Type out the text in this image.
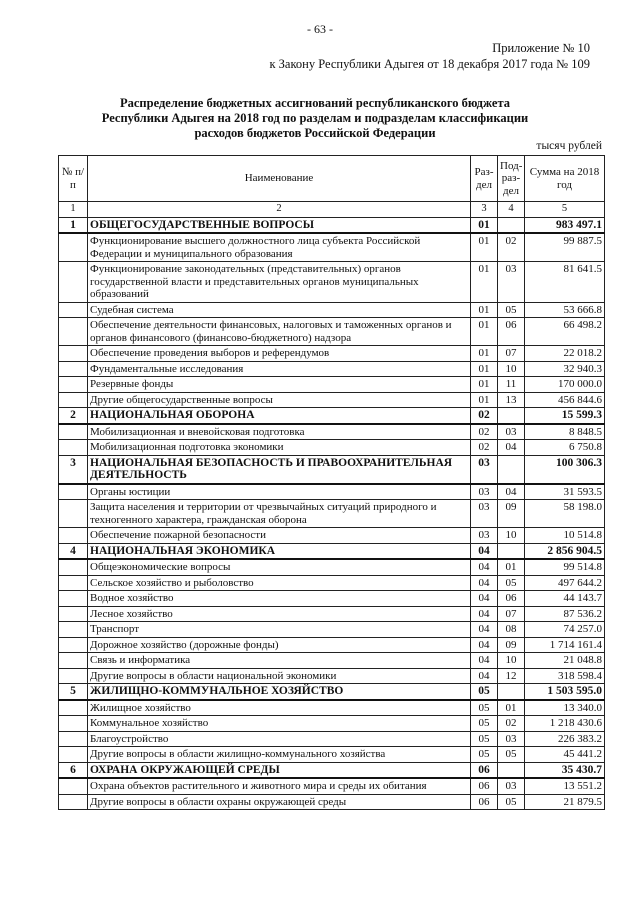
- 63 -
Приложение № 10
к Закону Республики Адыгея от 18 декабря 2017 года № 109
Распределение бюджетных ассигнований республиканского бюджета
Республики Адыгея на 2018 год по разделам и подразделам классификации
расходов бюджетов Российской Федерации
тысяч рублей
№ п/п	Наименование	Раз- дел	Под- раз- дел	Сумма на 2018 год
1	2	3	4	5
1	ОБЩЕГОСУДАРСТВЕННЫЕ ВОПРОСЫ	01		983 497.1
	Функционирование высшего должностного лица субъекта Российской Федерации и муниципального образования	01	02	99 887.5
	Функционирование законодательных (представительных) органов государственной власти и представительных органов муниципальных образований	01	03	81 641.5
	Судебная система	01	05	53 666.8
	Обеспечение деятельности финансовых, налоговых и таможенных органов и органов финансового (финансово-бюджетного) надзора	01	06	66 498.2
	Обеспечение проведения выборов и референдумов	01	07	22 018.2
	Фундаментальные исследования	01	10	32 940.3
	Резервные фонды	01	11	170 000.0
	Другие общегосударственные вопросы	01	13	456 844.6
2	НАЦИОНАЛЬНАЯ ОБОРОНА	02		15 599.3
	Мобилизационная и вневойсковая подготовка	02	03	8 848.5
	Мобилизационная подготовка экономики	02	04	6 750.8
3	НАЦИОНАЛЬНАЯ БЕЗОПАСНОСТЬ И ПРАВООХРАНИТЕЛЬНАЯ ДЕЯТЕЛЬНОСТЬ	03		100 306.3
	Органы юстиции	03	04	31 593.5
	Защита населения и территории от чрезвычайных ситуаций природного и техногенного характера, гражданская оборона	03	09	58 198.0
	Обеспечение пожарной безопасности	03	10	10 514.8
4	НАЦИОНАЛЬНАЯ ЭКОНОМИКА	04		2 856 904.5
	Общеэкономические вопросы	04	01	99 514.8
	Сельское хозяйство и рыболовство	04	05	497 644.2
	Водное хозяйство	04	06	44 143.7
	Лесное хозяйство	04	07	87 536.2
	Транспорт	04	08	74 257.0
	Дорожное хозяйство (дорожные фонды)	04	09	1 714 161.4
	Связь и информатика	04	10	21 048.8
	Другие вопросы в области национальной экономики	04	12	318 598.4
5	ЖИЛИЩНО-КОММУНАЛЬНОЕ ХОЗЯЙСТВО	05		1 503 595.0
	Жилищное хозяйство	05	01	13 340.0
	Коммунальное хозяйство	05	02	1 218 430.6
	Благоустройство	05	03	226 383.2
	Другие вопросы в области жилищно-коммунального хозяйства	05	05	45 441.2
6	ОХРАНА ОКРУЖАЮЩЕЙ СРЕДЫ	06		35 430.7
	Охрана объектов растительного и животного мира и среды их обитания	06	03	13 551.2
	Другие вопросы в области охраны окружающей среды	06	05	21 879.5
